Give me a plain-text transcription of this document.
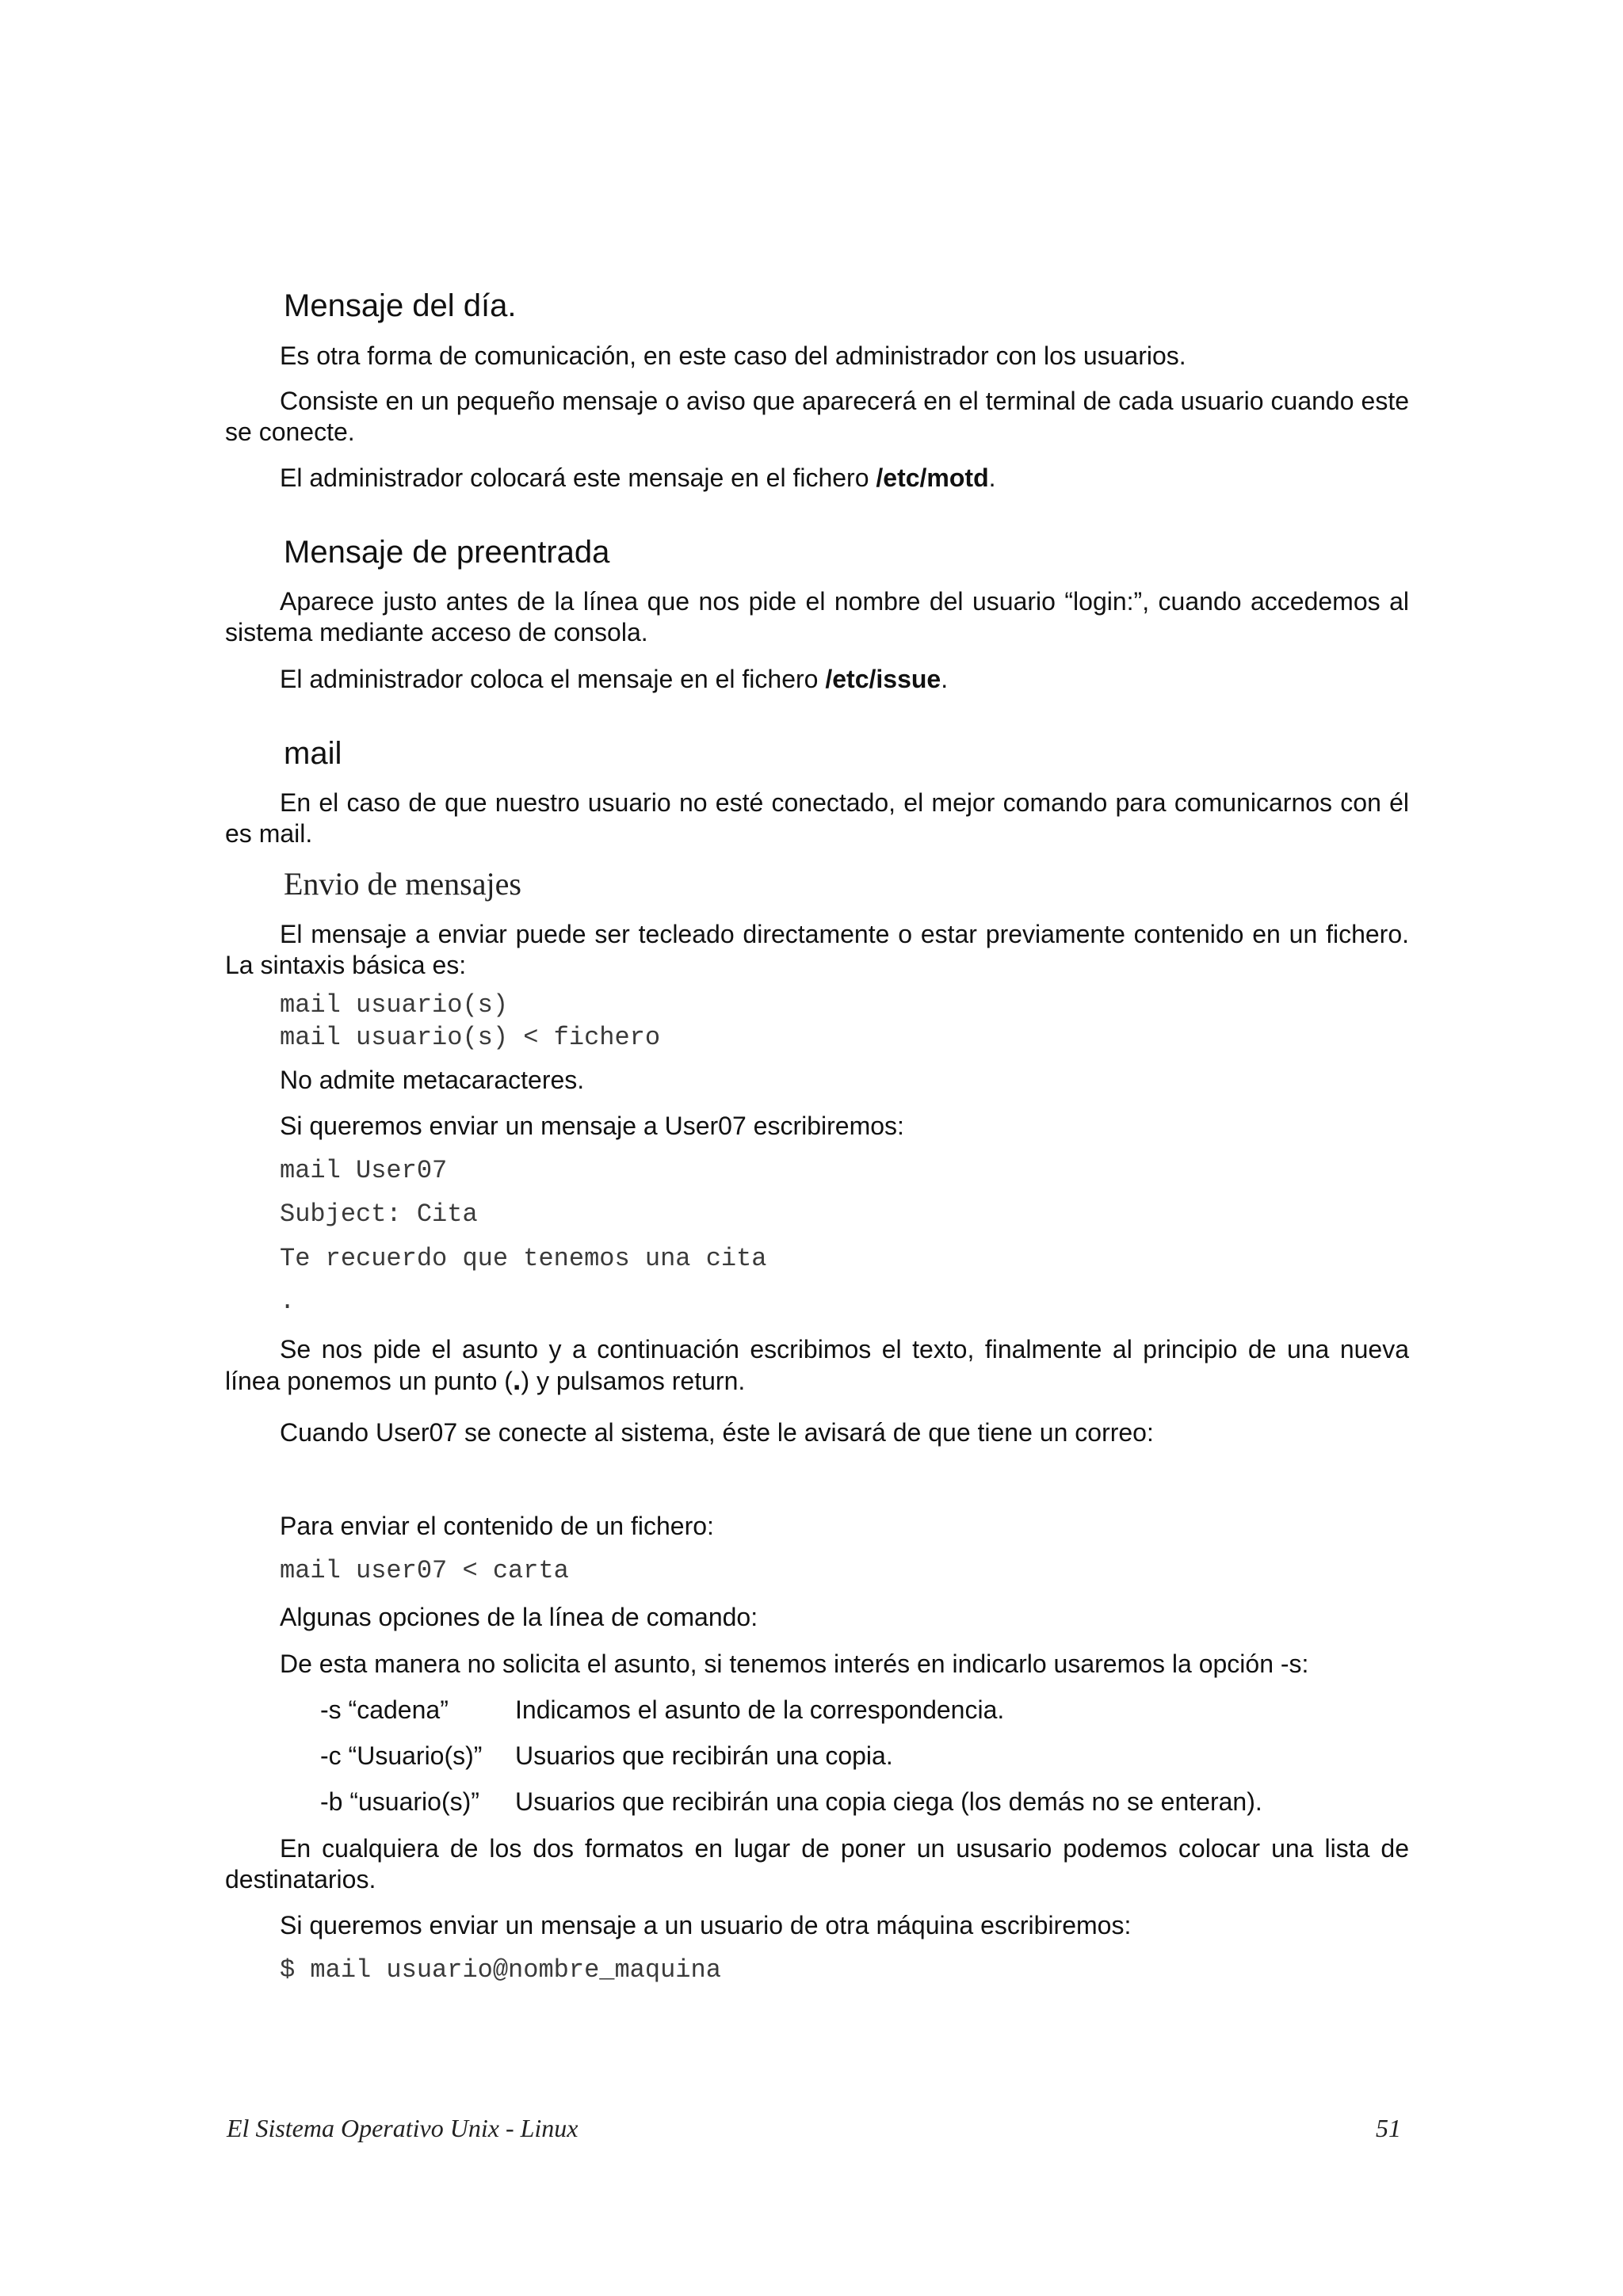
Mensaje del día.

Es otra forma de comunicación, en este caso del administrador con los usuarios.

Consiste en un pequeño mensaje o aviso que aparecerá en el terminal de cada usuario cuando este se conecte.

El administrador colocará este mensaje en el fichero /etc/motd.

Mensaje de preentrada

Aparece justo antes de la línea que nos pide el nombre del usuario “login:”, cuando accedemos al sistema mediante acceso de consola.

El administrador coloca el mensaje en el fichero /etc/issue.

mail

En el caso de que nuestro usuario no esté conectado, el mejor comando para comunicarnos con él es mail.

Envio de mensajes

El mensaje a enviar puede ser tecleado directamente o estar previamente contenido en un fichero. La sintaxis básica es:

mail usuario(s)
mail usuario(s) < fichero
No admite metacaracteres.
Si queremos enviar un mensaje a User07 escribiremos:
mail User07
Subject: Cita
Te recuerdo que tenemos una cita
.

Se nos pide el asunto y a continuación escribimos el texto, finalmente al principio de una nueva línea ponemos un punto (.) y pulsamos return.

Cuando User07 se conecte al sistema, éste le avisará de que tiene un correo:
Para enviar el contenido de un fichero:
mail user07 < carta
Algunas opciones de la línea de comando:
De esta manera no solicita el asunto, si tenemos interés en indicarlo usaremos la opción -s:
-s “cadena”	Indicamos el asunto de la correspondencia.
-c “Usuario(s)” Usuarios que recibirán una copia.
-b “usuario(s)” Usuarios que recibirán una copia ciega (los demás no se enteran).

En cualquiera de los dos formatos en lugar de poner un ususario podemos colocar una lista de destinatarios.

Si queremos enviar un mensaje a un usuario de otra máquina escribiremos:
$ mail usuario@nombre_maquina
El Sistema Operativo Unix - Linux	51
